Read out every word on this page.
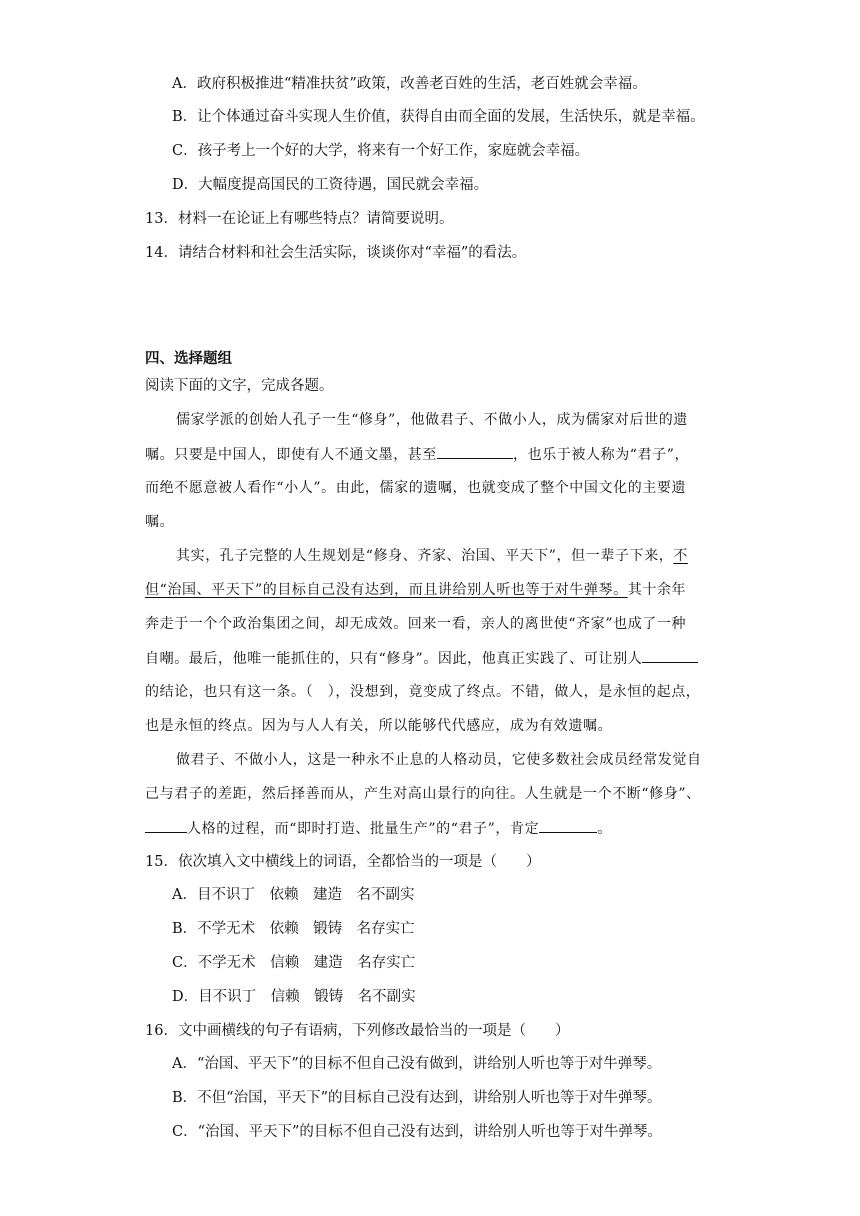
A．政府积极推进“精准扶贫”政策，改善老百姓的生活，老百姓就会幸福。
B．让个体通过奋斗实现人生价值，获得自由而全面的发展，生活快乐，就是幸福。
C．孩子考上一个好的大学，将来有一个好工作，家庭就会幸福。
D．大幅度提高国民的工资待遇，国民就会幸福。
13．材料一在论证上有哪些特点？请简要说明。
14．请结合材料和社会生活实际，谈谈你对“幸福”的看法。
四、选择题组
阅读下面的文字，完成各题。
儒家学派的创始人孔子一生“修身”，他做君子、不做小人，成为儒家对后世的遗
嘱。只要是中国人，即使有人不通文墨，甚至	，也乐于被人称为“君子”，
而绝不愿意被人看作“小人”。由此，儒家的遗嘱，也就变成了整个中国文化的主要遗
嘱。
其实，孔子完整的人生规划是“修身、齐家、治国、平天下”，但一辈子下来，不
但“治国、平天下”的目标自己没有达到，而且讲给别人听也等于对牛弹琴。其十余年
奔走于一个个政治集团之间，却无成效。回来一看，亲人的离世使“齐家”也成了一种
自嘲。最后，他唯一能抓住的，只有“修身”。因此，他真正实践了、可让别人
的结论，也只有这一条。（　），没想到，竟变成了终点。不错，做人，是永恒的起点，
也是永恒的终点。因为与人人有关，所以能够代代感应，成为有效遗嘱。
做君子、不做小人，这是一种永不止息的人格动员，它使多数社会成员经常发觉自
己与君子的差距，然后择善而从，产生对高山景行的向往。人生就是一个不断“修身”、
人格的过程，而“即时打造、批量生产”的“君子”，肯定	。
15．依次填入文中横线上的词语，全都恰当的一项是（　　）
A．目不识丁　依赖　建造　名不副实
B．不学无术　依赖　锻铸　名存实亡
C．不学无术　信赖　建造　名存实亡
D．目不识丁　信赖　锻铸　名不副实
16．文中画横线的句子有语病，下列修改最恰当的一项是（　　）
A．“治国、平天下”的目标不但自己没有做到，讲给别人听也等于对牛弹琴。
B．不但“治国，平天下”的目标自己没有达到，讲给别人听也等于对牛弹琴。
C．“治国、平天下”的目标不但自己没有达到，讲给别人听也等于对牛弹琴。
